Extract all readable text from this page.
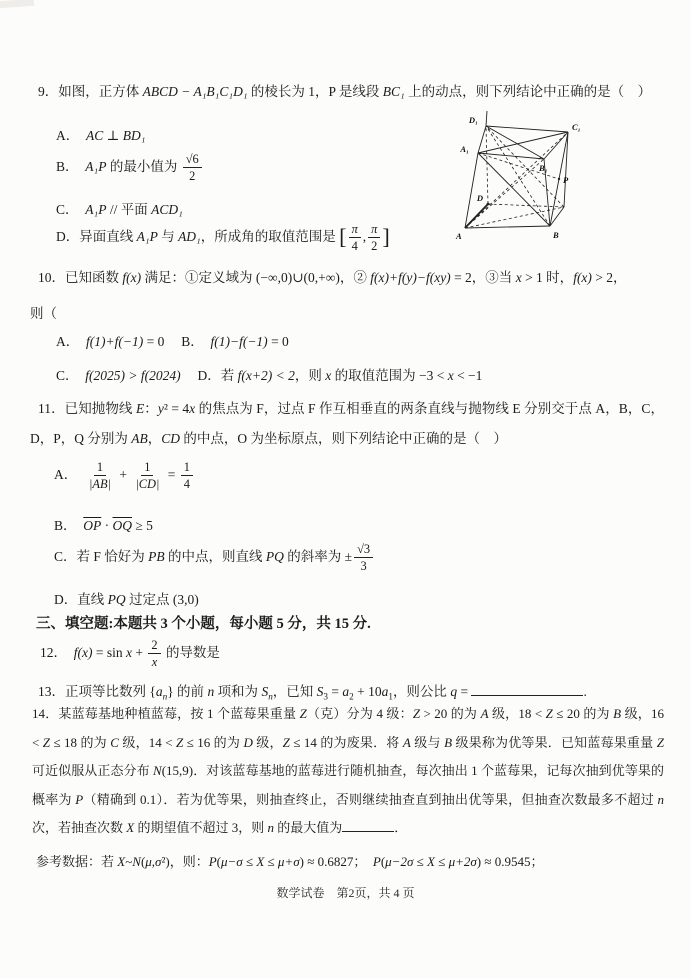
9．如图，正方体 ABCD − A₁B₁C₁D₁ 的棱长为 1，P 是线段 BC₁ 上的动点，则下列结论中正确的是（　）
A．　AC ⊥ BD₁
B．　A₁P 的最小值为 $\frac{√6}{2}$
C．　A₁P // 平面 ACD₁
D．异面直线 A₁P 与 AD₁，所成角的取值范围是 [ $\frac{\pi}{4}$ , $\frac{\pi}{2}$ ]
D₁
C₁
A₁
B₁
P
D
A	B
10．已知函数 f(x) 满足：①定义域为 (−∞,0)∪(0,+∞)，② f(x)+f(y)−f(xy) = 2，③当 x > 1 时，f(x) > 2，
则（
A．　f(1)+f(−1) = 0 　B．　f(1)−f(−1) = 0
C．　f(2025) > f(2024)　 D．若 f(x+2) < 2，则 x 的取值范围为 −3 < x < −1
11．已知抛物线 E：y² = 4x 的焦点为 F，过点 F 作互相垂直的两条直线与抛物线 E 分别交于点 A，B，C，D，P，Q 分别为 AB，CD 的中点，O 为坐标原点，则下列结论中正确的是（　）
A．　 $\frac{1}{|AB|} + \frac{1}{|CD|} = \frac{1}{4}$
B．　$\overline{OP} \cdot \overline{OQ} \ge 5$
C．若 F 恰好为 PB 的中点，则直线 PQ 的斜率为 ± $\frac{√3}{3}$
D．直线 PQ 过定点 (3,0)
三、填空题:本题共 3 个小题，每小题 5 分，共 15 分.
12．　$f(x) = \sin x + \frac{2}{x}$ 的导数是
13．正项等比数列 $\{a_n\}$ 的前 n 项和为 $S_n$，已知 $S_3 = a_2 + 10a_1$，则公比 q =	.
14．某蓝莓基地种植蓝莓，按 1 个蓝莓果重量 Z（克）分为 4 级：Z > 20 的为 A 级，18 < Z ≤ 20 的为 B 级，16 < Z ≤ 18 的为 C 级，14 < Z ≤ 16 的为 D 级，Z ≤ 14 的为废果．将 A 级与 B 级果称为优等果．已知蓝莓果重量 Z 可近似服从正态分布 N(15,9)．对该蓝莓基地的蓝莓进行随机抽查，每次抽出 1 个蓝莓果，记每次抽到优等果的概率为 P（精确到 0.1）．若为优等果，则抽查终止，否则继续抽查直到抽出优等果，但抽查次数最多不超过 n 次，若抽查次数 X 的期望值不超过 3，则 n 的最大值为	．
参考数据：若 X~N(μ,σ²)，则：P(μ−σ ≤ X ≤ μ+σ) ≈ 0.6827；　P(μ−2σ ≤ X ≤ μ+2σ) ≈ 0.9545；
数学试卷　第2页，共 4 页
